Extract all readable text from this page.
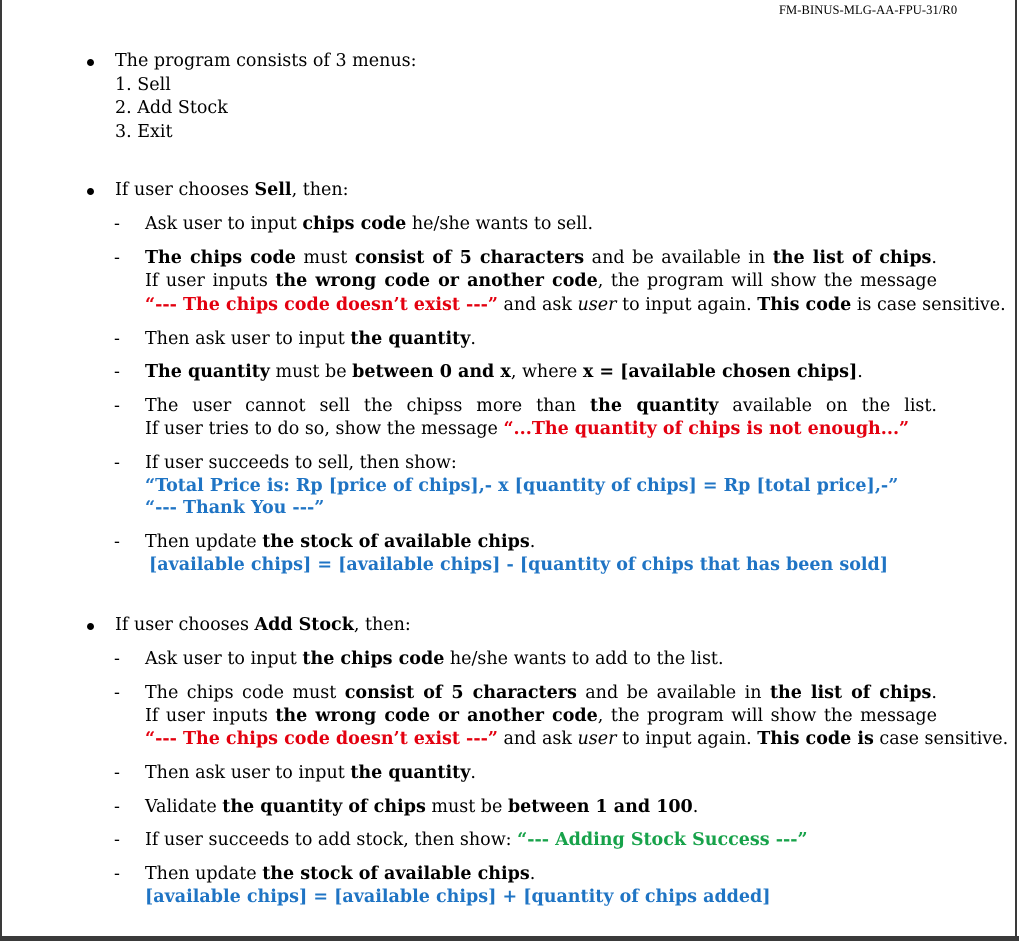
FM-BINUS-MLG-AA-FPU-31/R0
The program consists of 3 menus:
1. Sell
2. Add Stock
3. Exit
If user chooses Sell, then:
- Ask user to input chips code he/she wants to sell.
- The chips code must consist of 5 characters and be available in the list of chips.
If user inputs the wrong code or another code, the program will show the message
“--- The chips code doesn’t exist ---” and ask user to input again. This code is case sensitive.
- Then ask user to input the quantity.
- The quantity must be between 0 and x, where x = [available chosen chips].
- The user cannot sell the chipss more than the quantity available on the list.
If user tries to do so, show the message “...The quantity of chips is not enough...”
- If user succeeds to sell, then show:
“Total Price is: Rp [price of chips],- x [quantity of chips] = Rp [total price],-”
“--- Thank You ---”
- Then update the stock of available chips.
[available chips] = [available chips] - [quantity of chips that has been sold]
If user chooses Add Stock, then:
- Ask user to input the chips code he/she wants to add to the list.
- The chips code must consist of 5 characters and be available in the list of chips.
If user inputs the wrong code or another code, the program will show the message
“--- The chips code doesn’t exist ---” and ask user to input again. This code is case sensitive.
- Then ask user to input the quantity.
- Validate the quantity of chips must be between 1 and 100.
- If user succeeds to add stock, then show: “--- Adding Stock Success ---”
- Then update the stock of available chips.
[available chips] = [available chips] + [quantity of chips added]
